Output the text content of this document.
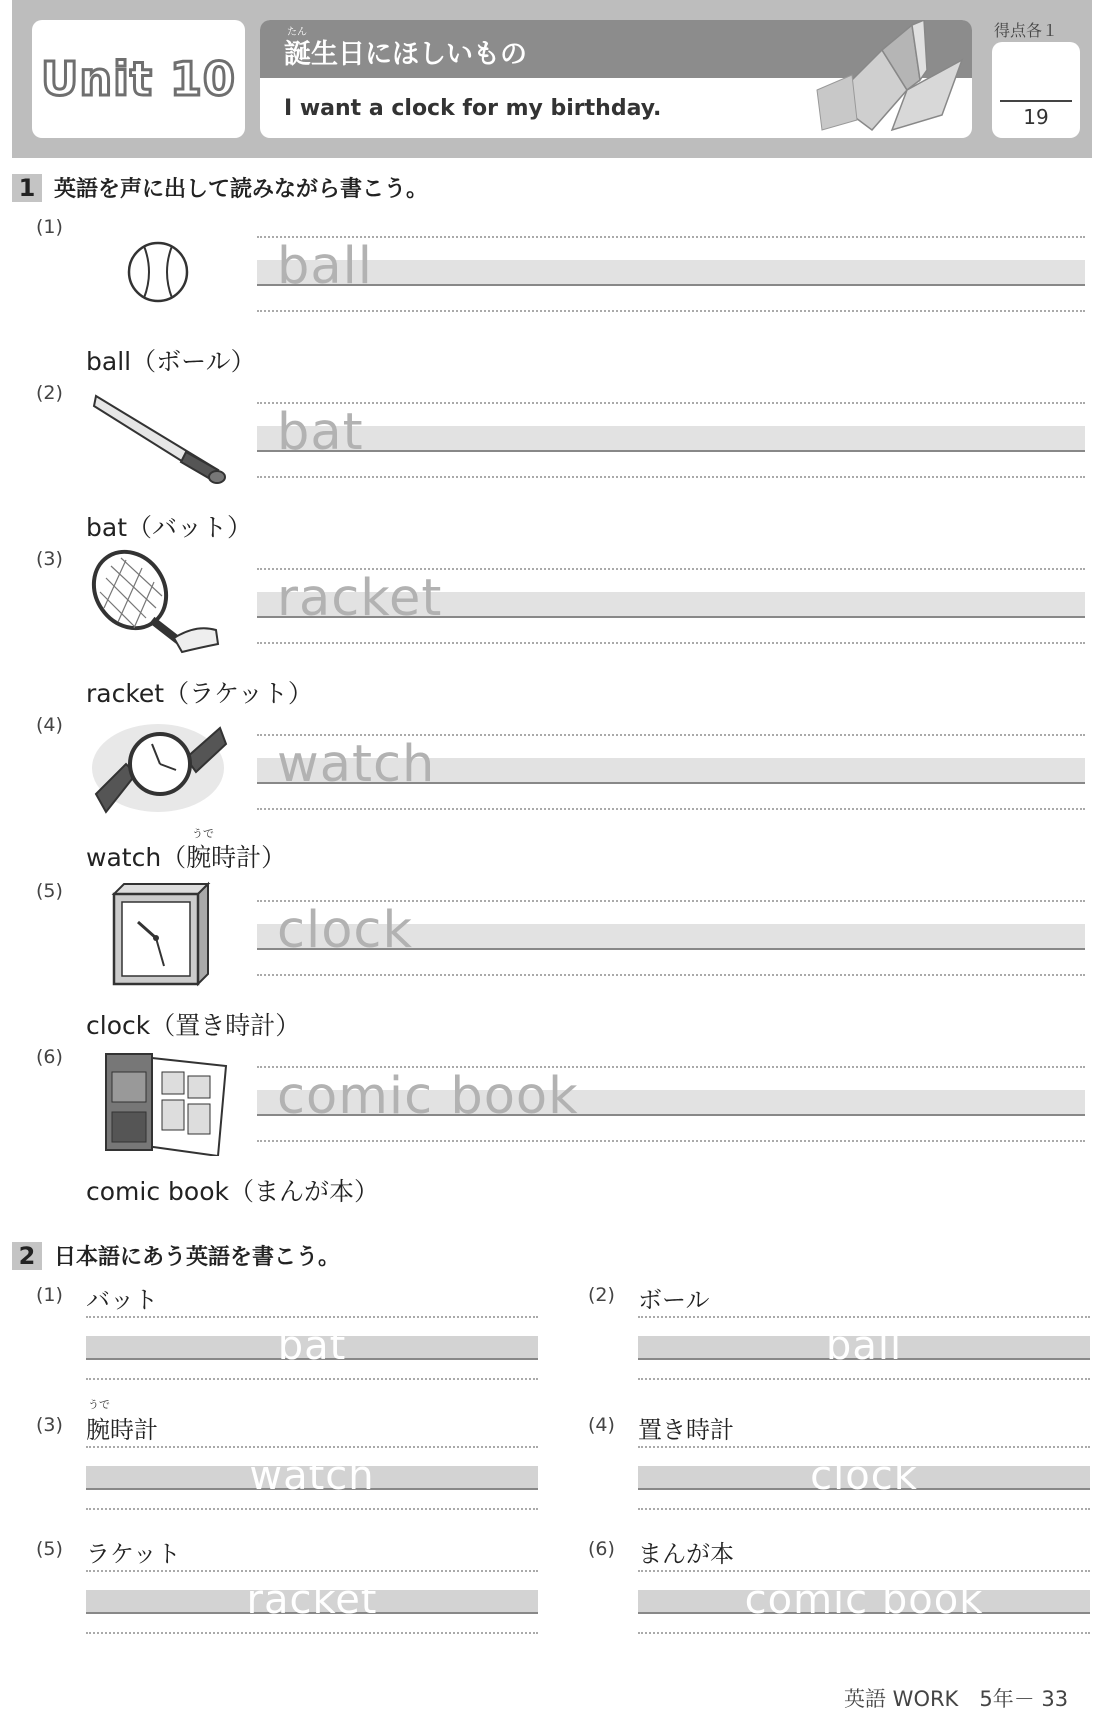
Unit 10
たん
誕生日にほしいもの
I want a clock for my birthday.
得点各１
19
1 英語を声に出して読みながら書こう。
(1)
ball
ball（ボール）
(2)
bat
bat（バット）
(3)
racket
racket（ラケット）
(4)
watch
うで
watch（腕時計）
(5)
clock
clock（置き時計）
(6)
comic book
comic book（まんが本）
2 日本語にあう英語を書こう。
(1) バット
bat
(2) ボール
ball
うで
(3) 腕時計
watch
(4) 置き時計
clock
(5) ラケット
racket
(6) まんが本
comic book
英語 WORK　5年－ 33
